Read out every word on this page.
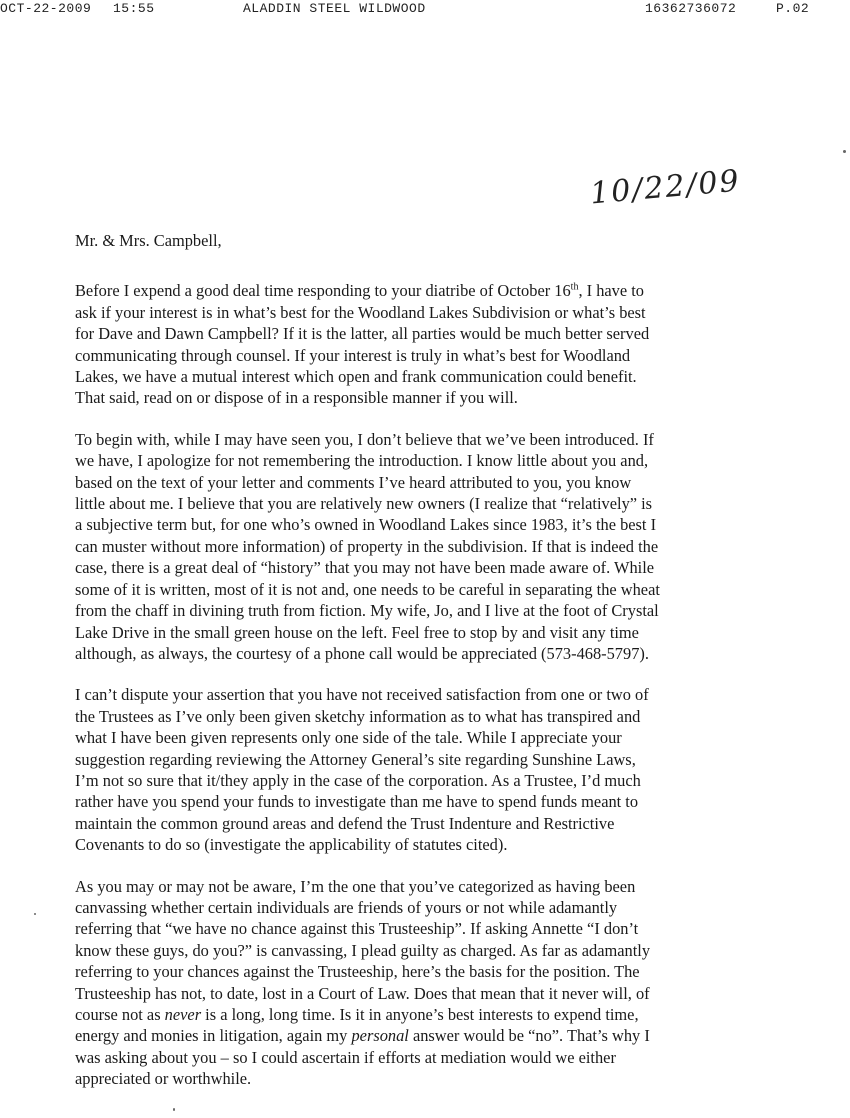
OCT-22-2009 15:55	ALADDIN STEEL WILDWOOD	16362736072	P.02
10/22/09

Mr. & Mrs. Campbell,

Before I expend a good deal time responding to your diatribe of October 16th, I have to
ask if your interest is in what’s best for the Woodland Lakes Subdivision or what’s best
for Dave and Dawn Campbell? If it is the latter, all parties would be much better served
communicating through counsel. If your interest is truly in what’s best for Woodland
Lakes, we have a mutual interest which open and frank communication could benefit.
That said, read on or dispose of in a responsible manner if you will.

To begin with, while I may have seen you, I don’t believe that we’ve been introduced. If
we have, I apologize for not remembering the introduction. I know little about you and,
based on the text of your letter and comments I’ve heard attributed to you, you know
little about me. I believe that you are relatively new owners (I realize that “relatively” is
a subjective term but, for one who’s owned in Woodland Lakes since 1983, it’s the best I
can muster without more information) of property in the subdivision. If that is indeed the
case, there is a great deal of “history” that you may not have been made aware of. While
some of it is written, most of it is not and, one needs to be careful in separating the wheat
from the chaff in divining truth from fiction. My wife, Jo, and I live at the foot of Crystal
Lake Drive in the small green house on the left. Feel free to stop by and visit any time
although, as always, the courtesy of a phone call would be appreciated (573-468-5797).

I can’t dispute your assertion that you have not received satisfaction from one or two of
the Trustees as I’ve only been given sketchy information as to what has transpired and
what I have been given represents only one side of the tale. While I appreciate your
suggestion regarding reviewing the Attorney General’s site regarding Sunshine Laws,
I’m not so sure that it/they apply in the case of the corporation. As a Trustee, I’d much
rather have you spend your funds to investigate than me have to spend funds meant to
maintain the common ground areas and defend the Trust Indenture and Restrictive
Covenants to do so (investigate the applicability of statutes cited).

As you may or may not be aware, I’m the one that you’ve categorized as having been
canvassing whether certain individuals are friends of yours or not while adamantly
referring that “we have no chance against this Trusteeship”. If asking Annette “I don’t
know these guys, do you?” is canvassing, I plead guilty as charged. As far as adamantly
referring to your chances against the Trusteeship, here’s the basis for the position. The
Trusteeship has not, to date, lost in a Court of Law. Does that mean that it never will, of
course not as never is a long, long time. Is it in anyone’s best interests to expend time,
energy and monies in litigation, again my personal answer would be “no”. That’s why I
was asking about you – so I could ascertain if efforts at mediation would we either
appreciated or worthwhile.
